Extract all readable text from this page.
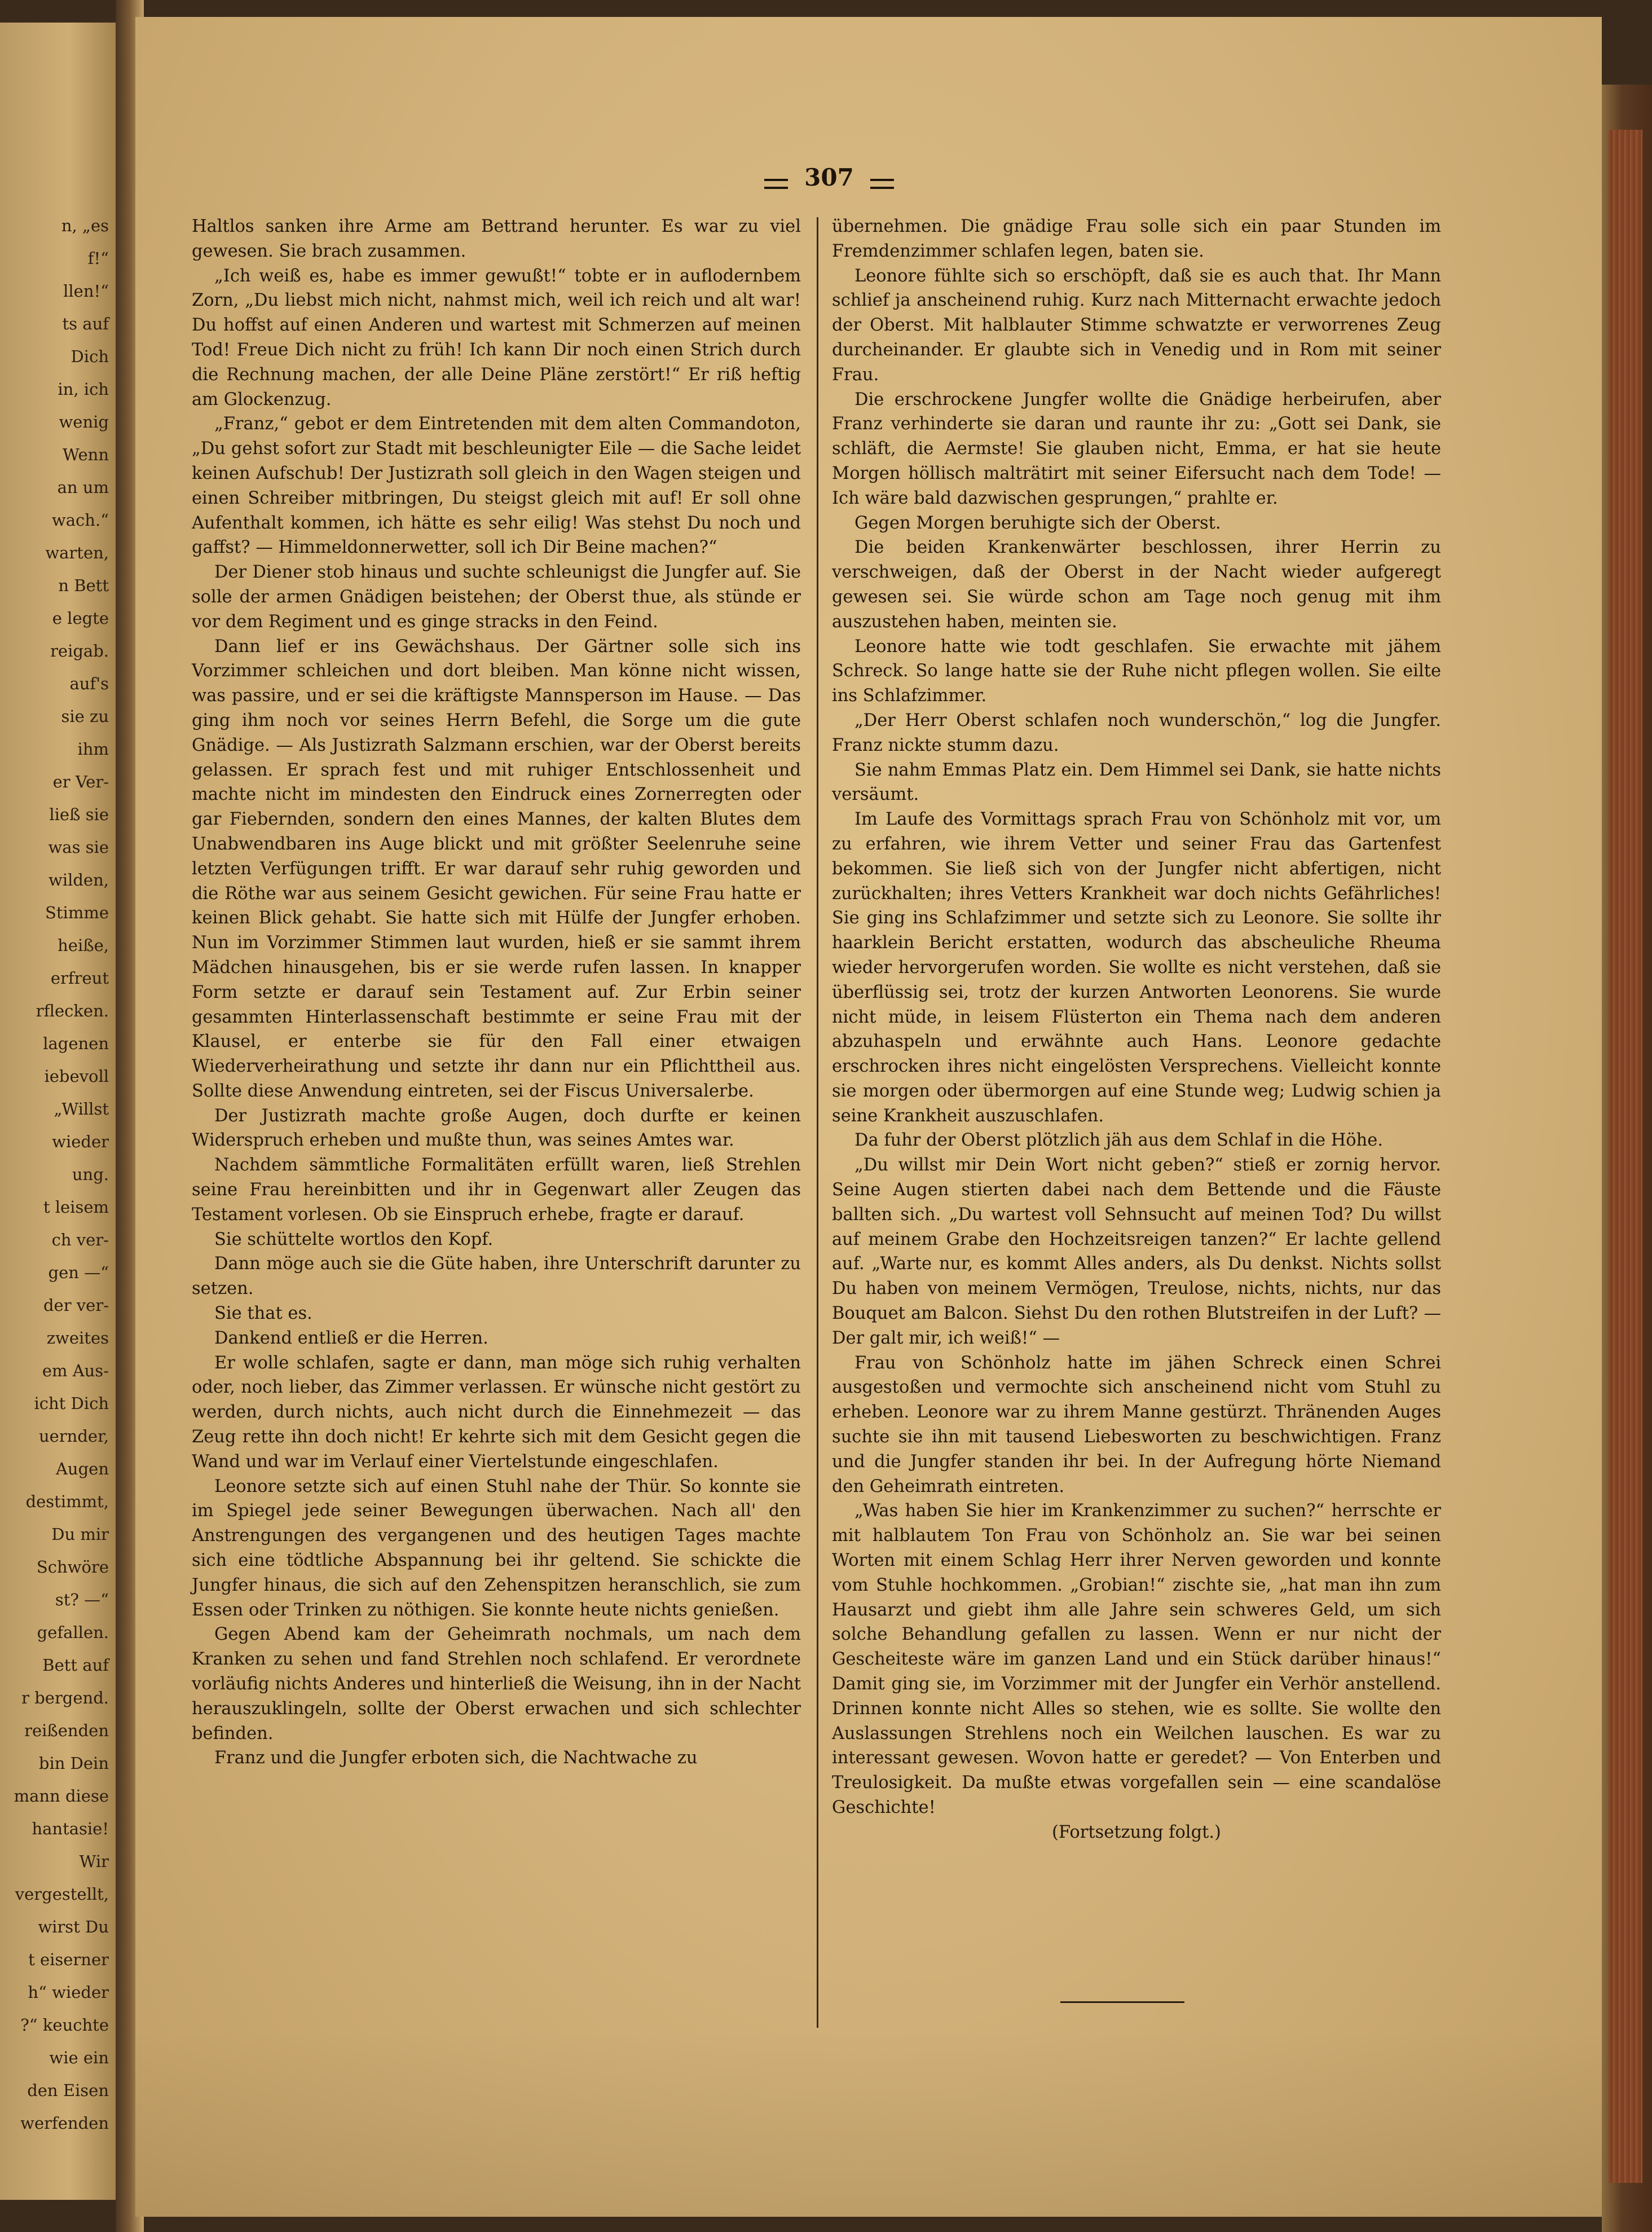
n, „es
f!“
llen!“
ts auf
Dich
in, ich
wenig
Wenn
an um
wach.“
warten,
n Bett
e legte
reigab.
auf's
sie zu
ihm
er Ver-
ließ sie
was sie
wilden,
Stimme
heiße,
erfreut
rflecken.
lagenen
iebevoll
„Willst
wieder
ung.
t leisem
ch ver-
gen —“
der ver-
zweites
em Aus-
icht Dich
uernder,
Augen
destimmt,
Du mir
Schwöre
st? —“
gefallen.
Bett auf
r bergend.
reißenden
bin Dein
mann diese
hantasie!
Wir
vergestellt,
wirst Du
t eiserner
h“ wieder
?“ keuchte
wie ein
den Eisen
werfenden
307

Haltlos sanken ihre Arme am Bettrand herunter. Es war zu viel gewesen. Sie brach zusammen.

„Ich weiß es, habe es immer gewußt!“ tobte er in auflodernbem Zorn, „Du liebst mich nicht, nahmst mich, weil ich reich und alt war! Du hoffst auf einen Anderen und wartest mit Schmerzen auf meinen Tod! Freue Dich nicht zu früh! Ich kann Dir noch einen Strich durch die Rechnung machen, der alle Deine Pläne zerstört!“ Er riß heftig am Glockenzug.

„Franz,“ gebot er dem Eintretenden mit dem alten Commandoton, „Du gehst sofort zur Stadt mit beschleunigter Eile — die Sache leidet keinen Aufschub! Der Justizrath soll gleich in den Wagen steigen und einen Schreiber mitbringen, Du steigst gleich mit auf! Er soll ohne Aufenthalt kommen, ich hätte es sehr eilig! Was stehst Du noch und gaffst? — Himmeldonnerwetter, soll ich Dir Beine machen?“

Der Diener stob hinaus und suchte schleunigst die Jungfer auf. Sie solle der armen Gnädigen beistehen; der Oberst thue, als stünde er vor dem Regiment und es ginge stracks in den Feind.

Dann lief er ins Gewächshaus. Der Gärtner solle sich ins Vorzimmer schleichen und dort bleiben. Man könne nicht wissen, was passire, und er sei die kräftigste Mannsperson im Hause. — Das ging ihm noch vor seines Herrn Befehl, die Sorge um die gute Gnädige. — Als Justizrath Salzmann erschien, war der Oberst bereits gelassen. Er sprach fest und mit ruhiger Entschlossenheit und machte nicht im mindesten den Eindruck eines Zornerregten oder gar Fiebernden, sondern den eines Mannes, der kalten Blutes dem Unabwendbaren ins Auge blickt und mit größter Seelenruhe seine letzten Verfügungen trifft. Er war darauf sehr ruhig geworden und die Röthe war aus seinem Gesicht gewichen. Für seine Frau hatte er keinen Blick gehabt. Sie hatte sich mit Hülfe der Jungfer erhoben. Nun im Vorzimmer Stimmen laut wurden, hieß er sie sammt ihrem Mädchen hinausgehen, bis er sie werde rufen lassen. In knapper Form setzte er darauf sein Testament auf. Zur Erbin seiner gesammten Hinterlassenschaft bestimmte er seine Frau mit der Klausel, er enterbe sie für den Fall einer etwaigen Wiederverheirathung und setzte ihr dann nur ein Pflichttheil aus. Sollte diese Anwendung eintreten, sei der Fiscus Universalerbe.

Der Justizrath machte große Augen, doch durfte er keinen Widerspruch erheben und mußte thun, was seines Amtes war.

Nachdem sämmtliche Formalitäten erfüllt waren, ließ Strehlen seine Frau hereinbitten und ihr in Gegenwart aller Zeugen das Testament vorlesen. Ob sie Einspruch erhebe, fragte er darauf.

Sie schüttelte wortlos den Kopf.

Dann möge auch sie die Güte haben, ihre Unterschrift darunter zu setzen.

Sie that es.

Dankend entließ er die Herren.

Er wolle schlafen, sagte er dann, man möge sich ruhig verhalten oder, noch lieber, das Zimmer verlassen. Er wünsche nicht gestört zu werden, durch nichts, auch nicht durch die Einnehmezeit — das Zeug rette ihn doch nicht! Er kehrte sich mit dem Gesicht gegen die Wand und war im Verlauf einer Viertelstunde eingeschlafen.

Leonore setzte sich auf einen Stuhl nahe der Thür. So konnte sie im Spiegel jede seiner Bewegungen überwachen. Nach all' den Anstrengungen des vergangenen und des heutigen Tages machte sich eine tödtliche Abspannung bei ihr geltend. Sie schickte die Jungfer hinaus, die sich auf den Zehenspitzen heranschlich, sie zum Essen oder Trinken zu nöthigen. Sie konnte heute nichts genießen.

Gegen Abend kam der Geheimrath nochmals, um nach dem Kranken zu sehen und fand Strehlen noch schlafend. Er verordnete vorläufig nichts Anderes und hinterließ die Weisung, ihn in der Nacht herauszuklingeln, sollte der Oberst erwachen und sich schlechter befinden.

Franz und die Jungfer erboten sich, die Nachtwache zu

übernehmen. Die gnädige Frau solle sich ein paar Stunden im Fremdenzimmer schlafen legen, baten sie.

Leonore fühlte sich so erschöpft, daß sie es auch that. Ihr Mann schlief ja anscheinend ruhig. Kurz nach Mitternacht erwachte jedoch der Oberst. Mit halblauter Stimme schwatzte er verworrenes Zeug durcheinander. Er glaubte sich in Venedig und in Rom mit seiner Frau.

Die erschrockene Jungfer wollte die Gnädige herbeirufen, aber Franz verhinderte sie daran und raunte ihr zu: „Gott sei Dank, sie schläft, die Aermste! Sie glauben nicht, Emma, er hat sie heute Morgen höllisch malträtirt mit seiner Eifersucht nach dem Tode! — Ich wäre bald dazwischen gesprungen,“ prahlte er.

Gegen Morgen beruhigte sich der Oberst.

Die beiden Krankenwärter beschlossen, ihrer Herrin zu verschweigen, daß der Oberst in der Nacht wieder aufgeregt gewesen sei. Sie würde schon am Tage noch genug mit ihm auszustehen haben, meinten sie.

Leonore hatte wie todt geschlafen. Sie erwachte mit jähem Schreck. So lange hatte sie der Ruhe nicht pflegen wollen. Sie eilte ins Schlafzimmer.

„Der Herr Oberst schlafen noch wunderschön,“ log die Jungfer. Franz nickte stumm dazu.

Sie nahm Emmas Platz ein. Dem Himmel sei Dank, sie hatte nichts versäumt.

Im Laufe des Vormittags sprach Frau von Schönholz mit vor, um zu erfahren, wie ihrem Vetter und seiner Frau das Gartenfest bekommen. Sie ließ sich von der Jungfer nicht abfertigen, nicht zurückhalten; ihres Vetters Krankheit war doch nichts Gefährliches! Sie ging ins Schlafzimmer und setzte sich zu Leonore. Sie sollte ihr haarklein Bericht erstatten, wodurch das abscheuliche Rheuma wieder hervorgerufen worden. Sie wollte es nicht verstehen, daß sie überflüssig sei, trotz der kurzen Antworten Leonorens. Sie wurde nicht müde, in leisem Flüsterton ein Thema nach dem anderen abzuhaspeln und erwähnte auch Hans. Leonore gedachte erschrocken ihres nicht eingelösten Versprechens. Vielleicht konnte sie morgen oder übermorgen auf eine Stunde weg; Ludwig schien ja seine Krankheit auszuschlafen.

Da fuhr der Oberst plötzlich jäh aus dem Schlaf in die Höhe.

„Du willst mir Dein Wort nicht geben?“ stieß er zornig hervor. Seine Augen stierten dabei nach dem Bettende und die Fäuste ballten sich. „Du wartest voll Sehnsucht auf meinen Tod? Du willst auf meinem Grabe den Hochzeitsreigen tanzen?“ Er lachte gellend auf. „Warte nur, es kommt Alles anders, als Du denkst. Nichts sollst Du haben von meinem Vermögen, Treulose, nichts, nichts, nur das Bouquet am Balcon. Siehst Du den rothen Blutstreifen in der Luft? — Der galt mir, ich weiß!“ —

Frau von Schönholz hatte im jähen Schreck einen Schrei ausgestoßen und vermochte sich anscheinend nicht vom Stuhl zu erheben. Leonore war zu ihrem Manne gestürzt. Thränenden Auges suchte sie ihn mit tausend Liebesworten zu beschwichtigen. Franz und die Jungfer standen ihr bei. In der Aufregung hörte Niemand den Geheimrath eintreten.

„Was haben Sie hier im Krankenzimmer zu suchen?“ herrschte er mit halblautem Ton Frau von Schönholz an. Sie war bei seinen Worten mit einem Schlag Herr ihrer Nerven geworden und konnte vom Stuhle hochkommen. „Grobian!“ zischte sie, „hat man ihn zum Hausarzt und giebt ihm alle Jahre sein schweres Geld, um sich solche Behandlung gefallen zu lassen. Wenn er nur nicht der Gescheiteste wäre im ganzen Land und ein Stück darüber hinaus!“ Damit ging sie, im Vorzimmer mit der Jungfer ein Verhör anstellend. Drinnen konnte nicht Alles so stehen, wie es sollte. Sie wollte den Auslassungen Strehlens noch ein Weilchen lauschen. Es war zu interessant gewesen. Wovon hatte er geredet? — Von Enterben und Treulosigkeit. Da mußte etwas vorgefallen sein — eine scandalöse Geschichte!

(Fortsetzung folgt.)
